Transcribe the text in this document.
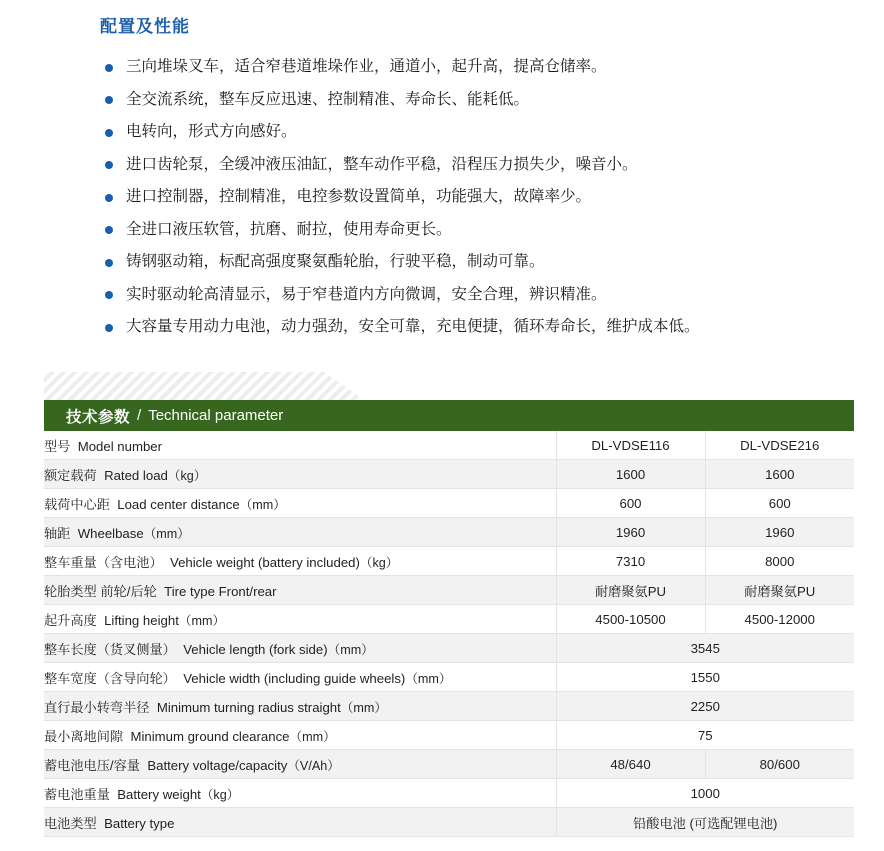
配置及性能
三向堆垛叉车，适合窄巷道堆垛作业，通道小，起升高，提高仓储率。
全交流系统，整车反应迅速、控制精准、寿命长、能耗低。
电转向，形式方向感好。
进口齿轮泵，全缓冲液压油缸，整车动作平稳，沿程压力损失少，噪音小。
进口控制器，控制精准，电控参数设置简单，功能强大，故障率少。
全进口液压软管，抗磨、耐拉，使用寿命更长。
铸钢驱动箱，标配高强度聚氨酯轮胎，行驶平稳，制动可靠。
实时驱动轮高清显示，易于窄巷道内方向微调，安全合理，辨识精准。
大容量专用动力电池，动力强劲，安全可靠，充电便捷，循环寿命长，维护成本低。
技术参数 / Technical parameter
型号 Model number	DL-VDSE116	DL-VDSE216
额定载荷 Rated load（kg）	1600	1600
载荷中心距 Load center distance（mm）	600	600
轴距 Wheelbase（mm）	1960	1960
整车重量（含电池） Vehicle weight (battery included)（kg）	7310	8000
轮胎类型 前轮/后轮 Tire type Front/rear	耐磨聚氨PU	耐磨聚氨PU
起升高度 Lifting height（mm）	4500-10500	4500-12000
整车长度（货叉侧量） Vehicle length (fork side)（mm）	3545	
整车宽度（含导向轮） Vehicle width (including guide wheels)（mm）	1550	
直行最小转弯半径 Minimum turning radius straight（mm）	2250	
最小离地间隙 Minimum ground clearance（mm）	75	
蓄电池电压/容量 Battery voltage/capacity（V/Ah）	48/640	80/600
蓄电池重量 Battery weight（kg）	1000	
电池类型 Battery type	铅酸电池 (可选配锂电池)	
